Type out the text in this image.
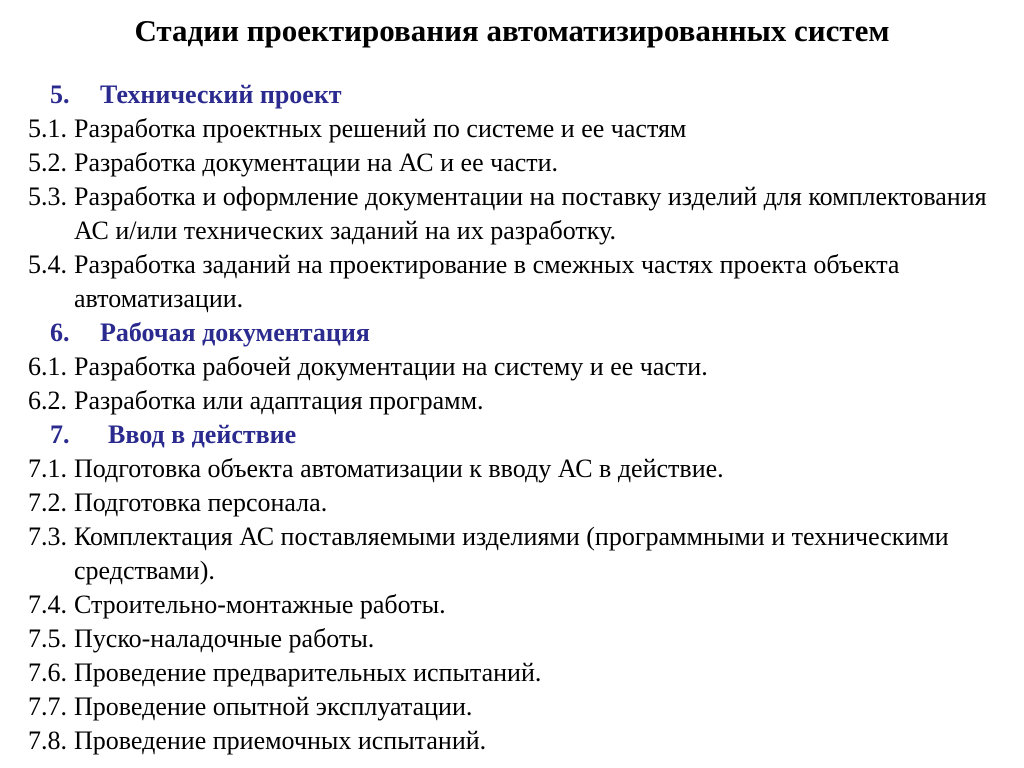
Стадии проектирования автоматизированных систем
5. Технический проект
5.1. Разработка проектных решений по системе и ее частям
5.2. Разработка документации на АС и ее части.
5.3. Разработка и оформление документации на поставку изделий для комплектования АС и/или технических заданий на их разработку.
5.4. Разработка заданий на проектирование в смежных частях проекта объекта автоматизации.
6. Рабочая документация
6.1. Разработка рабочей документации на систему и ее части.
6.2. Разработка или адаптация программ.
7. Ввод в действие
7.1. Подготовка объекта автоматизации к вводу АС в действие.
7.2. Подготовка персонала.
7.3. Комплектация АС поставляемыми изделиями (программными и техническими средствами).
7.4. Строительно-монтажные работы.
7.5. Пуско-наладочные работы.
7.6. Проведение предварительных испытаний.
7.7. Проведение опытной эксплуатации.
7.8. Проведение приемочных испытаний.
